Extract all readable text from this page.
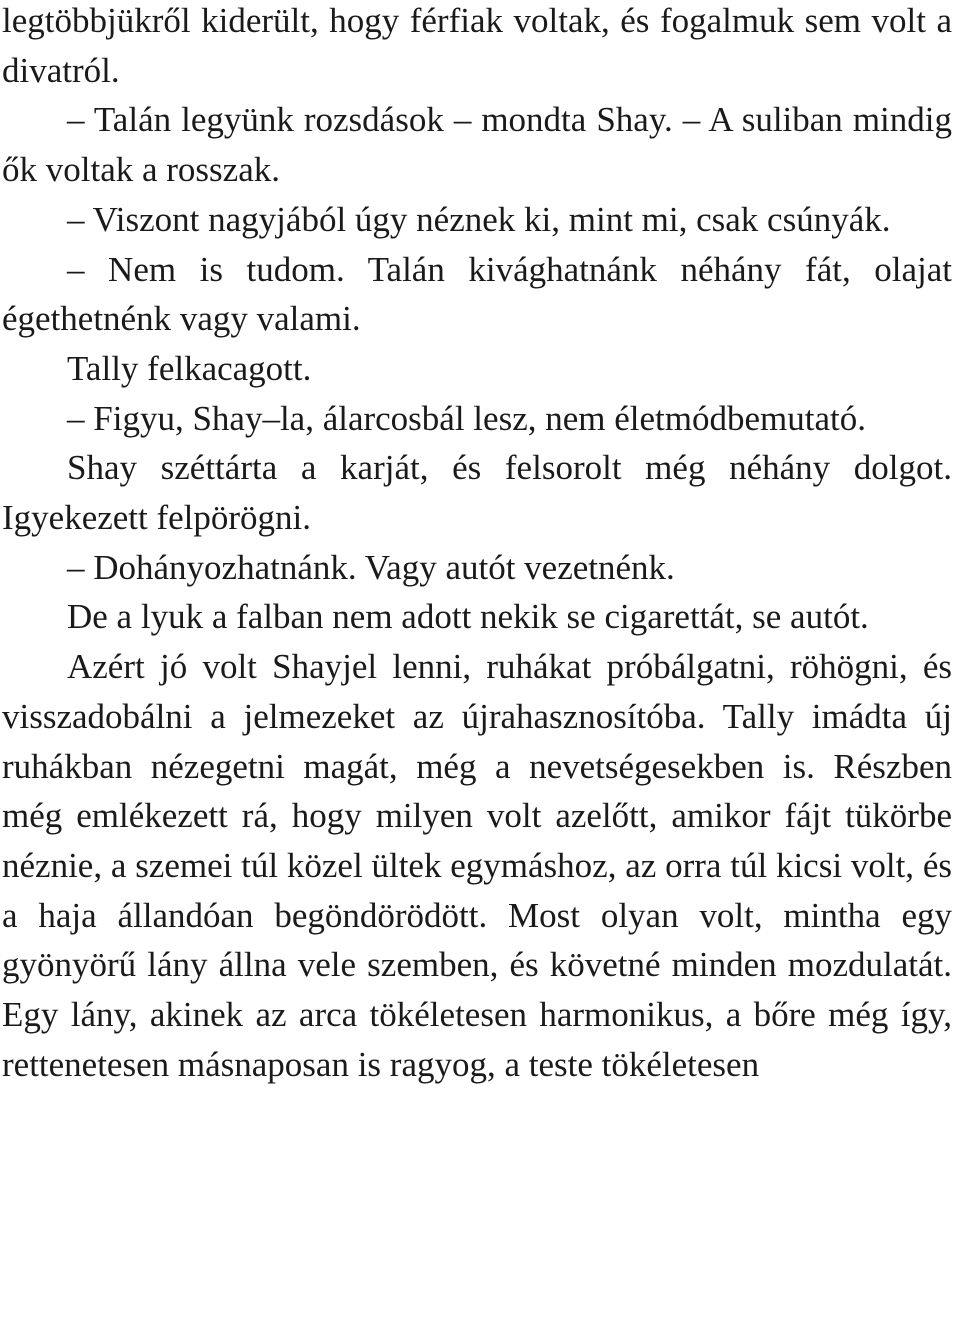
legtöbbjükről kiderült, hogy férfiak voltak, és fogalmuk sem volt a divatról.

– Talán legyünk rozsdások – mondta Shay. – A suliban mindig ők voltak a rosszak.

– Viszont nagyjából úgy néznek ki, mint mi, csak csúnyák.

– Nem is tudom. Talán kivághatnánk néhány fát, olajat égethetnénk vagy valami.

Tally felkacagott.

– Figyu, Shay–la, álarcosbál lesz, nem életmódbemutató.

Shay széttárta a karját, és felsorolt még néhány dolgot. Igyekezett felpörögni.

– Dohányozhatnánk. Vagy autót vezetnénk.

De a lyuk a falban nem adott nekik se cigarettát, se autót.

Azért jó volt Shayjel lenni, ruhákat próbálgatni, röhögni, és visszadobálni a jelmezeket az újrahasznosítóba. Tally imádta új ruhákban nézegetni magát, még a nevetségesekben is. Részben még emlékezett rá, hogy milyen volt azelőtt, amikor fájt tükörbe néznie, a szemei túl közel ültek egymáshoz, az orra túl kicsi volt, és a haja állandóan begöndörödött. Most olyan volt, mintha egy gyönyörű lány állna vele szemben, és követné minden mozdulatát. Egy lány, akinek az arca tökéletesen harmonikus, a bőre még így, rettenetesen másnaposan is ragyog, a teste tökéletesen
